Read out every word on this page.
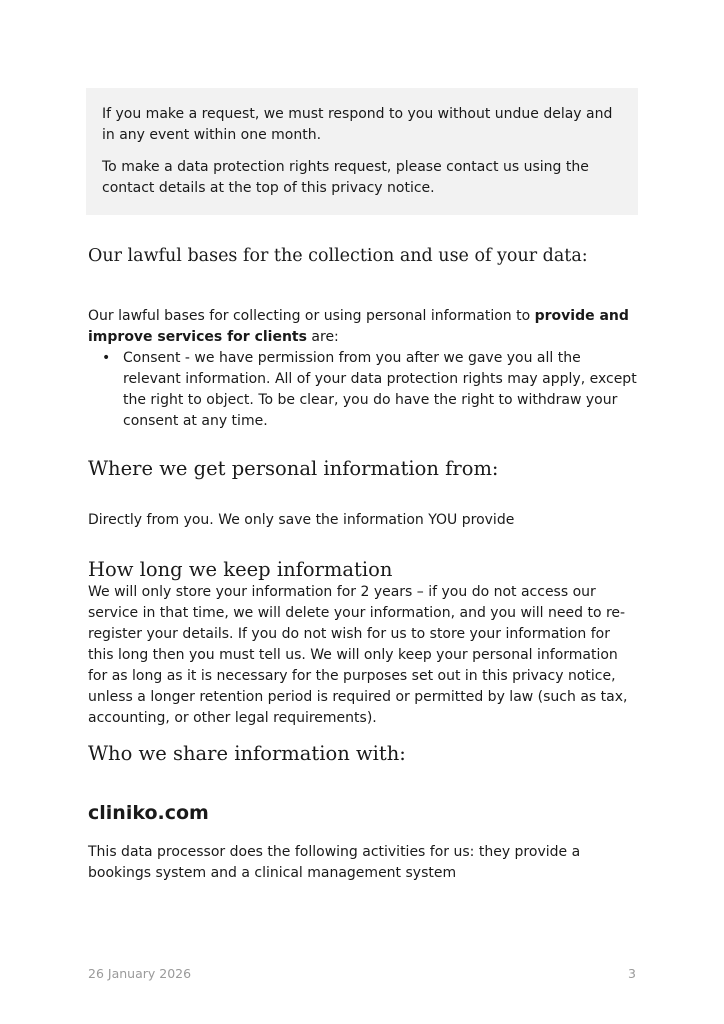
If you make a request, we must respond to you without undue delay and in any event within one month.

To make a data protection rights request, please contact us using the contact details at the top of this privacy notice.

Our lawful bases for the collection and use of your data:

Our lawful bases for collecting or using personal information to provide and improve services for clients are:

• Consent - we have permission from you after we gave you all the relevant information. All of your data protection rights may apply, except the right to object. To be clear, you do have the right to withdraw your consent at any time.
Where we get personal information from:

Directly from you. We only save the information YOU provide

How long we keep information

We will only store your information for 2 years – if you do not access our service in that time, we will delete your information, and you will need to re-register your details. If you do not wish for us to store your information for this long then you must tell us. We will only keep your personal information for as long as it is necessary for the purposes set out in this privacy notice, unless a longer retention period is required or permitted by law (such as tax, accounting, or other legal requirements).

Who we share information with:
cliniko.com

This data processor does the following activities for us: they provide a bookings system and a clinical management system

26 January 2026	3
